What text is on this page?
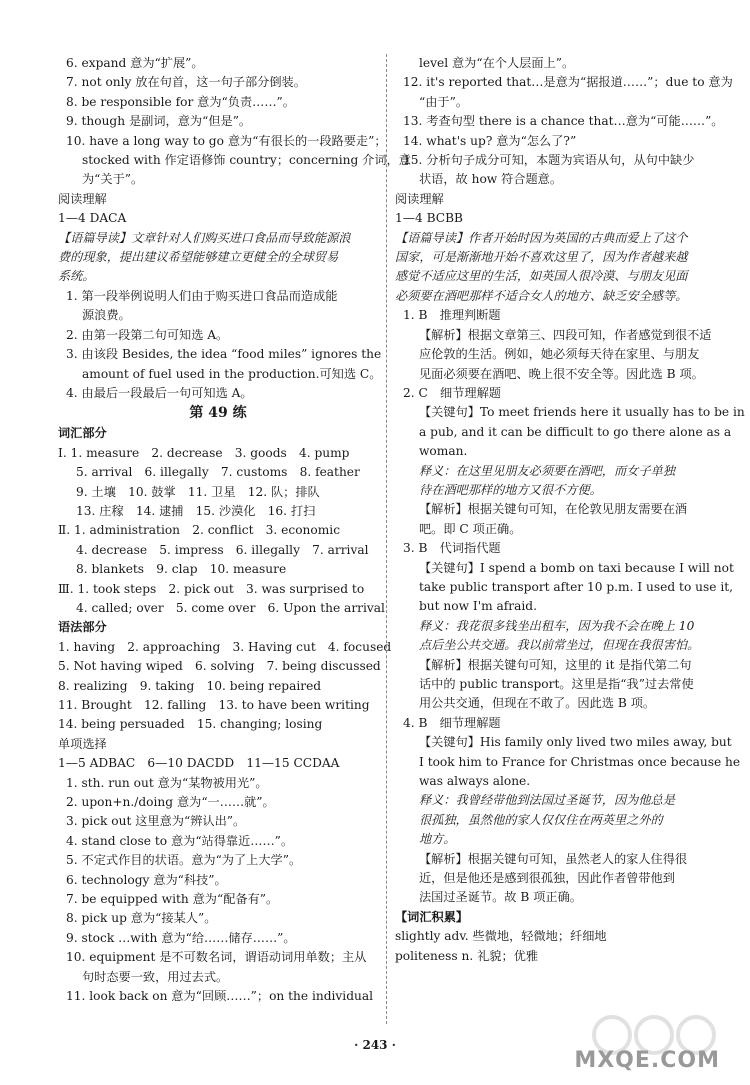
6. expand 意为“扩展”。
7. not only 放在句首，这一句子部分倒装。
8. be responsible for 意为“负责……”。
9. though 是副词，意为“但是”。
10. have a long way to go 意为“有很长的一段路要走”；
stocked with 作定语修饰 country；concerning 介词，意
为“关于”。
阅读理解
1—4 DACA
【语篇导读】文章针对人们购买进口食品而导致能源浪
费的现象，提出建议希望能够建立更健全的全球贸易
系统。
1. 第一段举例说明人们由于购买进口食品而造成能
源浪费。
2. 由第一段第二句可知选 A。
3. 由该段 Besides, the idea “food miles” ignores the
amount of fuel used in the production.可知选 C。
4. 由最后一段最后一句可知选 A。
第 49 练
词汇部分
Ⅰ. 1. measure　2. decrease　3. goods　4. pump
5. arrival　6. illegally　7. customs　8. feather
9. 土壤　10. 鼓掌　11. 卫星　12. 队；排队
13. 庄稼　14. 逮捕　15. 沙漠化　16. 打扫
Ⅱ. 1. administration　2. conflict　3. economic
4. decrease　5. impress　6. illegally　7. arrival
8. blankets　9. clap　10. measure
Ⅲ. 1. took steps　2. pick out　3. was surprised to
4. called; over　5. come over　6. Upon the arrival
语法部分
1. having　2. approaching　3. Having cut　4. focused
5. Not having wiped　6. solving　7. being discussed
8. realizing　9. taking　10. being repaired
11. Brought　12. falling　13. to have been writing
14. being persuaded　15. changing; losing
单项选择
1—5 ADBAC　6—10 DACDD　11—15 CCDAA
1. sth. run out 意为“某物被用光”。
2. upon+n./doing 意为“一……就”。
3. pick out 这里意为“辨认出”。
4. stand close to 意为“站得靠近……”。
5. 不定式作目的状语。意为“为了上大学”。
6. technology 意为“科技”。
7. be equipped with 意为“配备有”。
8. pick up 意为“接某人”。
9. stock …with 意为“给……储存……”。
10. equipment 是不可数名词，谓语动词用单数；主从
句时态要一致，用过去式。
11. look back on 意为“回顾……”；on the individual
level 意为“在个人层面上”。
12. it's reported that…是意为“据报道……”；due to 意为
“由于”。
13. 考查句型 there is a chance that…意为“可能……”。
14. what's up? 意为“怎么了?”
15. 分析句子成分可知，本题为宾语从句，从句中缺少
状语，故 how 符合题意。
阅读理解
1—4 BCBB
【语篇导读】作者开始时因为英国的古典而爱上了这个
国家，可是渐渐地开始不喜欢这里了，因为作者越来越
感觉不适应这里的生活，如英国人很冷漠、与朋友见面
必须要在酒吧那样不适合女人的地方、缺乏安全感等。
1. B　推理判断题
【解析】根据文章第三、四段可知，作者感觉到很不适
应伦敦的生活。例如，她必须每天待在家里、与朋友
见面必须要在酒吧、晚上很不安全等。因此选 B 项。
2. C　细节理解题
【关键句】To meet friends here it usually has to be in
a pub, and it can be difficult to go there alone as a
woman.
释义：在这里见朋友必须要在酒吧，而女子单独
待在酒吧那样的地方又很不方便。
【解析】根据关键句可知，在伦敦见朋友需要在酒
吧。即 C 项正确。
3. B　代词指代题
【关键句】I spend a bomb on taxi because I will not
take public transport after 10 p.m. I used to use it,
but now I'm afraid.
释义：我花很多钱坐出租车，因为我不会在晚上 10
点后坐公共交通。我以前常坐过，但现在我很害怕。
【解析】根据关键句可知，这里的 it 是指代第二句
话中的 public transport。这里是指“我”过去常使
用公共交通，但现在不敢了。因此选 B 项。
4. B　细节理解题
【关键句】His family only lived two miles away, but
I took him to France for Christmas once because he
was always alone.
释义：我曾经带他到法国过圣诞节，因为他总是
很孤独，虽然他的家人仅仅住在两英里之外的
地方。
【解析】根据关键句可知，虽然老人的家人住得很
近，但是他还是感到很孤独，因此作者曾带他到
法国过圣诞节。故 B 项正确。
【词汇积累】
slightly adv. 些微地，轻微地；纤细地
politeness n. 礼貌；优雅
· 243 ·
MXQE.COM
